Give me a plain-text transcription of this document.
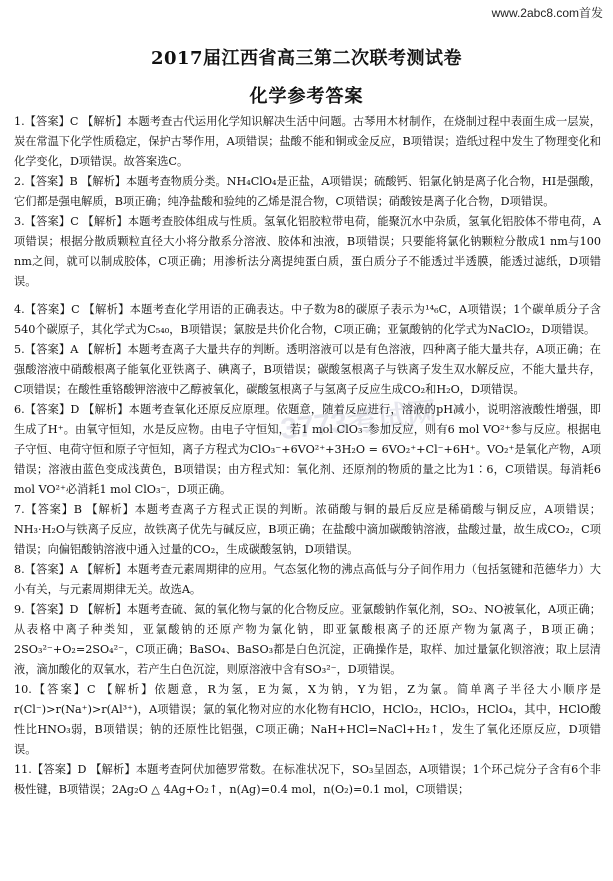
www.2abc8.com首发
2017届江西省高三第二次联考测试卷
化学参考答案
3773考试网

1.【答案】C 【解析】本题考查古代运用化学知识解决生活中问题。古琴用木材制作，在烧制过程中表面生成一层炭，炭在常温下化学性质稳定，保护古琴作用，A项错误；盐酸不能和铜或金反应，B项错误；造纸过程中发生了物理变化和化学变化，D项错误。故答案选C。

2.【答案】B 【解析】本题考查物质分类。NH₄ClO₄是正盐，A项错误；硫酸钙、铝氯化钠是离子化合物，HI是强酸，它们都是强电解质，B项正确；纯净盐酸和验纯的乙烯是混合物，C项错误；硝酸铵是离子化合物，D项错误。

3.【答案】C 【解析】本题考查胶体组成与性质。氢氧化铝胶粒带电荷，能聚沉水中杂质，氢氧化铝胶体不带电荷，A项错误；根据分散质颗粒直径大小将分散系分溶液、胶体和浊液，B项错误；只要能将氯化钠颗粒分散成1 nm与100 nm之间，就可以制成胶体，C项正确；用渗析法分离提纯蛋白质，蛋白质分子不能透过半透膜，能透过滤纸，D项错误。

4.【答案】C 【解析】本题考查化学用语的正确表达。中子数为8的碳原子表示为¹⁴₆C，A项错误；1个碳单质分子含540个碳原子，其化学式为C₅₄₀，B项错误；氯胺是共价化合物，C项正确；亚氯酸钠的化学式为NaClO₂，D项错误。

5.【答案】A 【解析】本题考查离子大量共存的判断。透明溶液可以是有色溶液，四种离子能大量共存，A项正确；在强酸溶液中硝酸根离子能氧化亚铁离子、碘离子，B项错误；碳酸氢根离子与铁离子发生双水解反应，不能大量共存，C项错误；在酸性重铬酸钾溶液中乙醇被氧化，碳酸氢根离子与氢离子反应生成CO₂和H₂O，D项错误。

6.【答案】D 【解析】本题考查氧化还原反应原理。依题意，随着反应进行，溶液的pH减小，说明溶液酸性增强，即生成了H⁺。由氧守恒知，水是反应物。由电子守恒知，若1 mol ClO₃⁻参加反应，则有6 mol VO²⁺参与反应。根据电子守恒、电荷守恒和原子守恒知，离子方程式为ClO₃⁻+6VO²⁺+3H₂O = 6VO₂⁺+Cl⁻+6H⁺。VO₂⁺是氧化产物，A项错误；溶液由蓝色变成浅黄色，B项错误；由方程式知：氧化剂、还原剂的物质的量之比为1∶6，C项错误。每消耗6 mol VO²⁺必消耗1 mol ClO₃⁻，D项正确。

7.【答案】B 【解析】本题考查离子方程式正误的判断。浓硝酸与铜的最后反应是稀硝酸与铜反应，A项错误；NH₃·H₂O与铁离子反应，故铁离子优先与碱反应，B项正确；在盐酸中滴加碳酸钠溶液，盐酸过量，故生成CO₂，C项错误；向偏铝酸钠溶液中通入过量的CO₂，生成碳酸氢钠，D项错误。

8.【答案】A 【解析】本题考查元素周期律的应用。气态氢化物的沸点高低与分子间作用力（包括氢键和范德华力）大小有关，与元素周期律无关。故选A。

9.【答案】D 【解析】本题考查硫、氮的氧化物与氯的化合物反应。亚氯酸钠作氧化剂，SO₂、NO被氧化，A项正确；从表格中离子种类知，亚氯酸钠的还原产物为氯化钠，即亚氯酸根离子的还原产物为氯离子，B项正确；2SO₃²⁻+O₂=2SO₄²⁻，C项正确；BaSO₄、BaSO₃都是白色沉淀，正确操作是，取样、加过量氯化钡溶液；取上层清液，滴加酸化的双氧水，若产生白色沉淀，则原溶液中含有SO₃²⁻，D项错误。

10.【答案】C 【解析】依题意，R为氢，E为氮，X为钠，Y为铝，Z为氯。简单离子半径大小顺序是r(Cl⁻)>r(Na⁺)>r(Al³⁺)，A项错误；氯的氧化物对应的水化物有HClO，HClO₂，HClO₃，HClO₄，其中，HClO酸性比HNO₃弱，B项错误；钠的还原性比铝强，C项正确；NaH+HCl=NaCl+H₂↑，发生了氧化还原反应，D项错误。

11.【答案】D 【解析】本题考查阿伏加德罗常数。在标准状况下，SO₃呈固态，A项错误；1个环己烷分子含有6个非极性键，B项错误；2Ag₂O △ 4Ag+O₂↑，n(Ag)=0.4 mol，n(O₂)=0.1 mol，C项错误；
